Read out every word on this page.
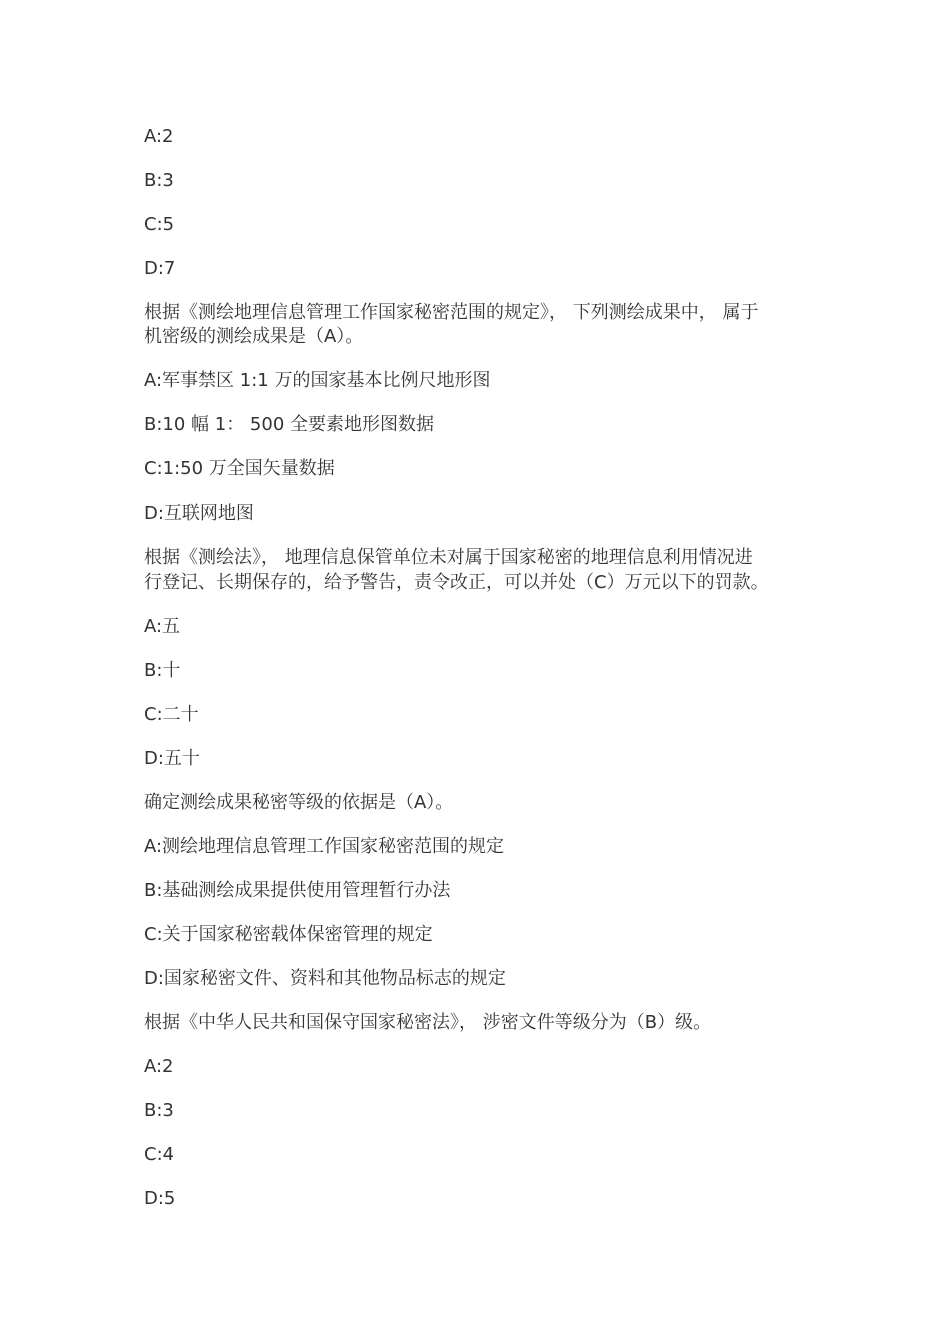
A:2
B:3
C:5
D:7
根据《测绘地理信息管理工作国家秘密范围的规定》， 下列测绘成果中， 属于
机密级的测绘成果是（A）。
A:军事禁区 1:1 万的国家基本比例尺地形图
B:10 幅 1： 500 全要素地形图数据
C:1:50 万全国矢量数据
D:互联网地图
根据《测绘法》， 地理信息保管单位未对属于国家秘密的地理信息利用情况进
行登记、长期保存的，给予警告，责令改正，可以并处（C）万元以下的罚款。
A:五
B:十
C:二十
D:五十
确定测绘成果秘密等级的依据是（A）。
A:测绘地理信息管理工作国家秘密范围的规定
B:基础测绘成果提供使用管理暂行办法
C:关于国家秘密载体保密管理的规定
D:国家秘密文件、资料和其他物品标志的规定
根据《中华人民共和国保守国家秘密法》， 涉密文件等级分为（B）级。
A:2
B:3
C:4
D:5
